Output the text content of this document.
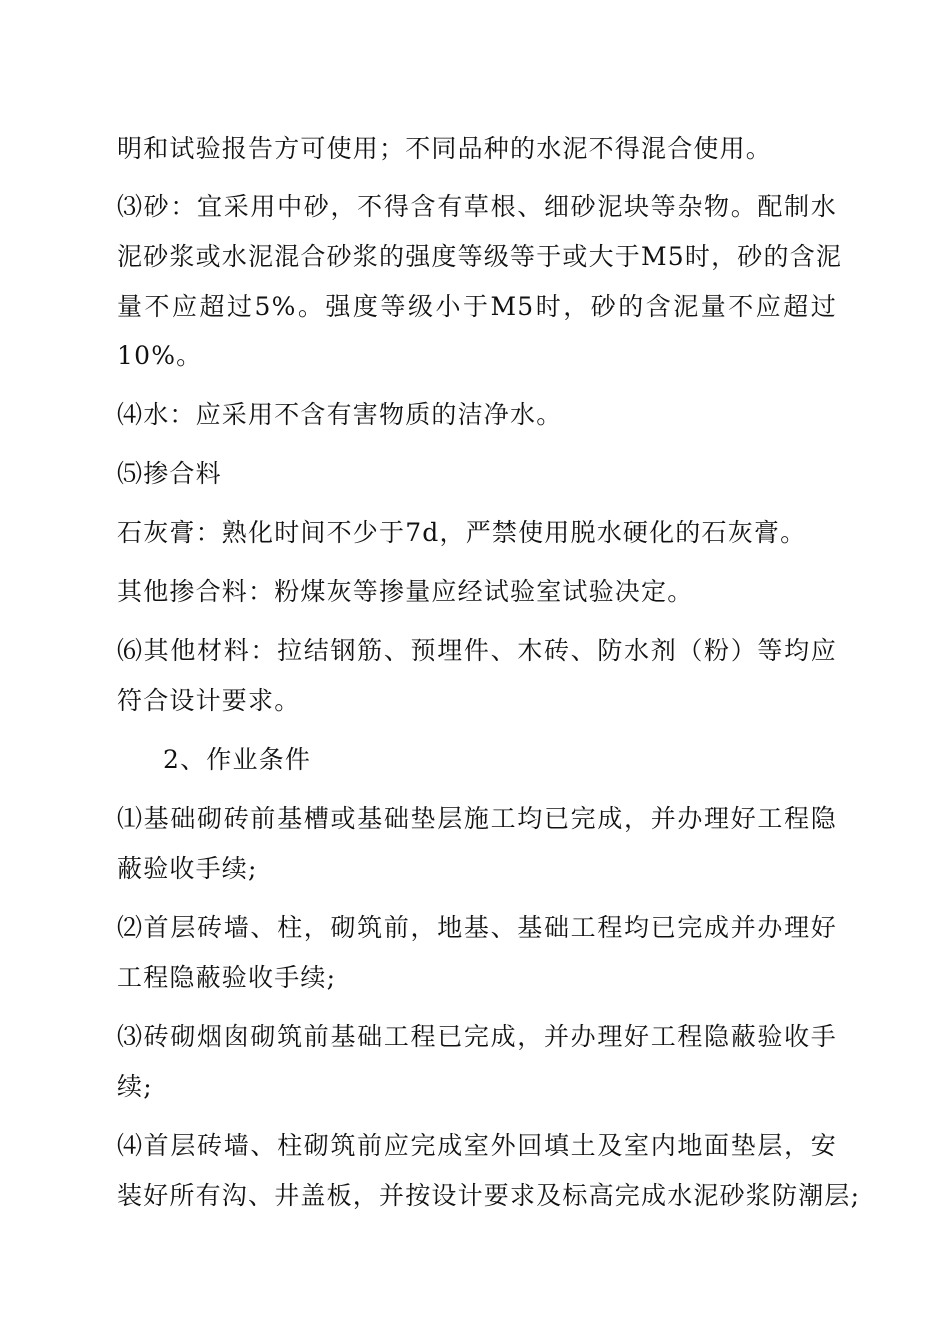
明和试验报告方可使用；不同品种的水泥不得混合使用。
⑶砂：宜采用中砂，不得含有草根、细砂泥块等杂物。配制水
泥砂浆或水泥混合砂浆的强度等级等于或大于M5时，砂的含泥
量不应超过5%。强度等级小于M5时，砂的含泥量不应超过
10%。
⑷水：应采用不含有害物质的洁净水。
⑸掺合料
石灰膏：熟化时间不少于7d，严禁使用脱水硬化的石灰膏。
其他掺合料：粉煤灰等掺量应经试验室试验决定。
⑹其他材料：拉结钢筋、预埋件、木砖、防水剂（粉）等均应
符合设计要求。
2、作业条件
⑴基础砌砖前基槽或基础垫层施工均已完成，并办理好工程隐
蔽验收手续;
⑵首层砖墙、柱，砌筑前，地基、基础工程均已完成并办理好
工程隐蔽验收手续;
⑶砖砌烟囱砌筑前基础工程已完成，并办理好工程隐蔽验收手
续;
⑷首层砖墙、柱砌筑前应完成室外回填土及室内地面垫层，安
装好所有沟、井盖板，并按设计要求及标高完成水泥砂浆防潮层;
